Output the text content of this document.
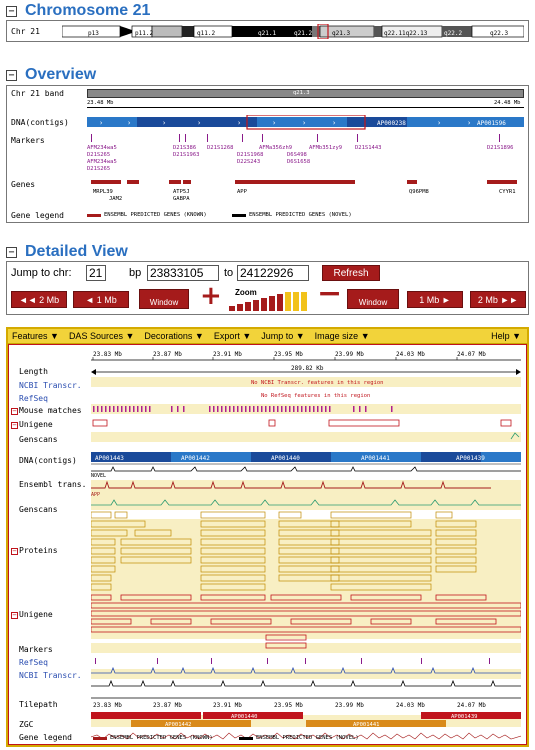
− Chromosome 21
Chr 21	p13	p11.2	q11.2	q21.1	q21.2	q21.3	q22.11q22.13	q22.2	q22.3
− Overview
Chr 21 band	q21.3
23.48 Mb	24.48 Mb
DNA(contigs)	›	›	›	›	›	›	›	›	›	›
AP000238	AP001596
Markers
AFM234wa5
D21S265
AFM234wa5
D21S265
D21S386
D21S1963
D21S1268
D21S1968
D22S243
AFMa356zh9
D6S498
D6S1658
AFMb351zy9 D21S1443	D21S1896
Genes
MRPL39
JAM2
ATP5J
GABPA
APP	Q96PM8	CYYR1
Gene legend	ENSEMBL PREDICTED GENES (KNOWN)	ENSEMBL PREDICTED GENES (NOVEL)
− Detailed View
Jump to chr: 21	bp 23833105	to 24122926	Refresh
◄◄ 2 Mb	◄ 1 Mb	Window + Zoom − Window	1 Mb ►	2 Mb ►►
Features ▼ DAS Sources ▼ Decorations ▼ Export ▼ Jump to ▼ Image size ▼	Help ▼
23.83 Mb	23.87 Mb	23.91 Mb	23.95 Mb	23.99 Mb	24.03 Mb	24.07 Mb
Length
NCBI Transcr.
RefSeq
− Mouse matches
− Unigene
Genscans
DNA(contigs)
Ensembl trans.
Genscans
− Proteins
− Unigene
Markers
RefSeq
NCBI Transcr.
Tilepath
ZGC
Gene legend
289.82 Kb
No NCBI Transcr. features in this region
No RefSeq features in this region
AP001443	AP001442	AP001440	AP001441	AP001439
NOVEL
APP
23.83 Mb	23.87 Mb	23.91 Mb	23.95 Mb	23.99 Mb	24.03 Mb	24.07 Mb
AP001442
AP001440
AP001441
AP001439
ENSEMBL PREDICTED GENES (KNOWN)	ENSEMBL PREDICTED GENES (NOVEL)
